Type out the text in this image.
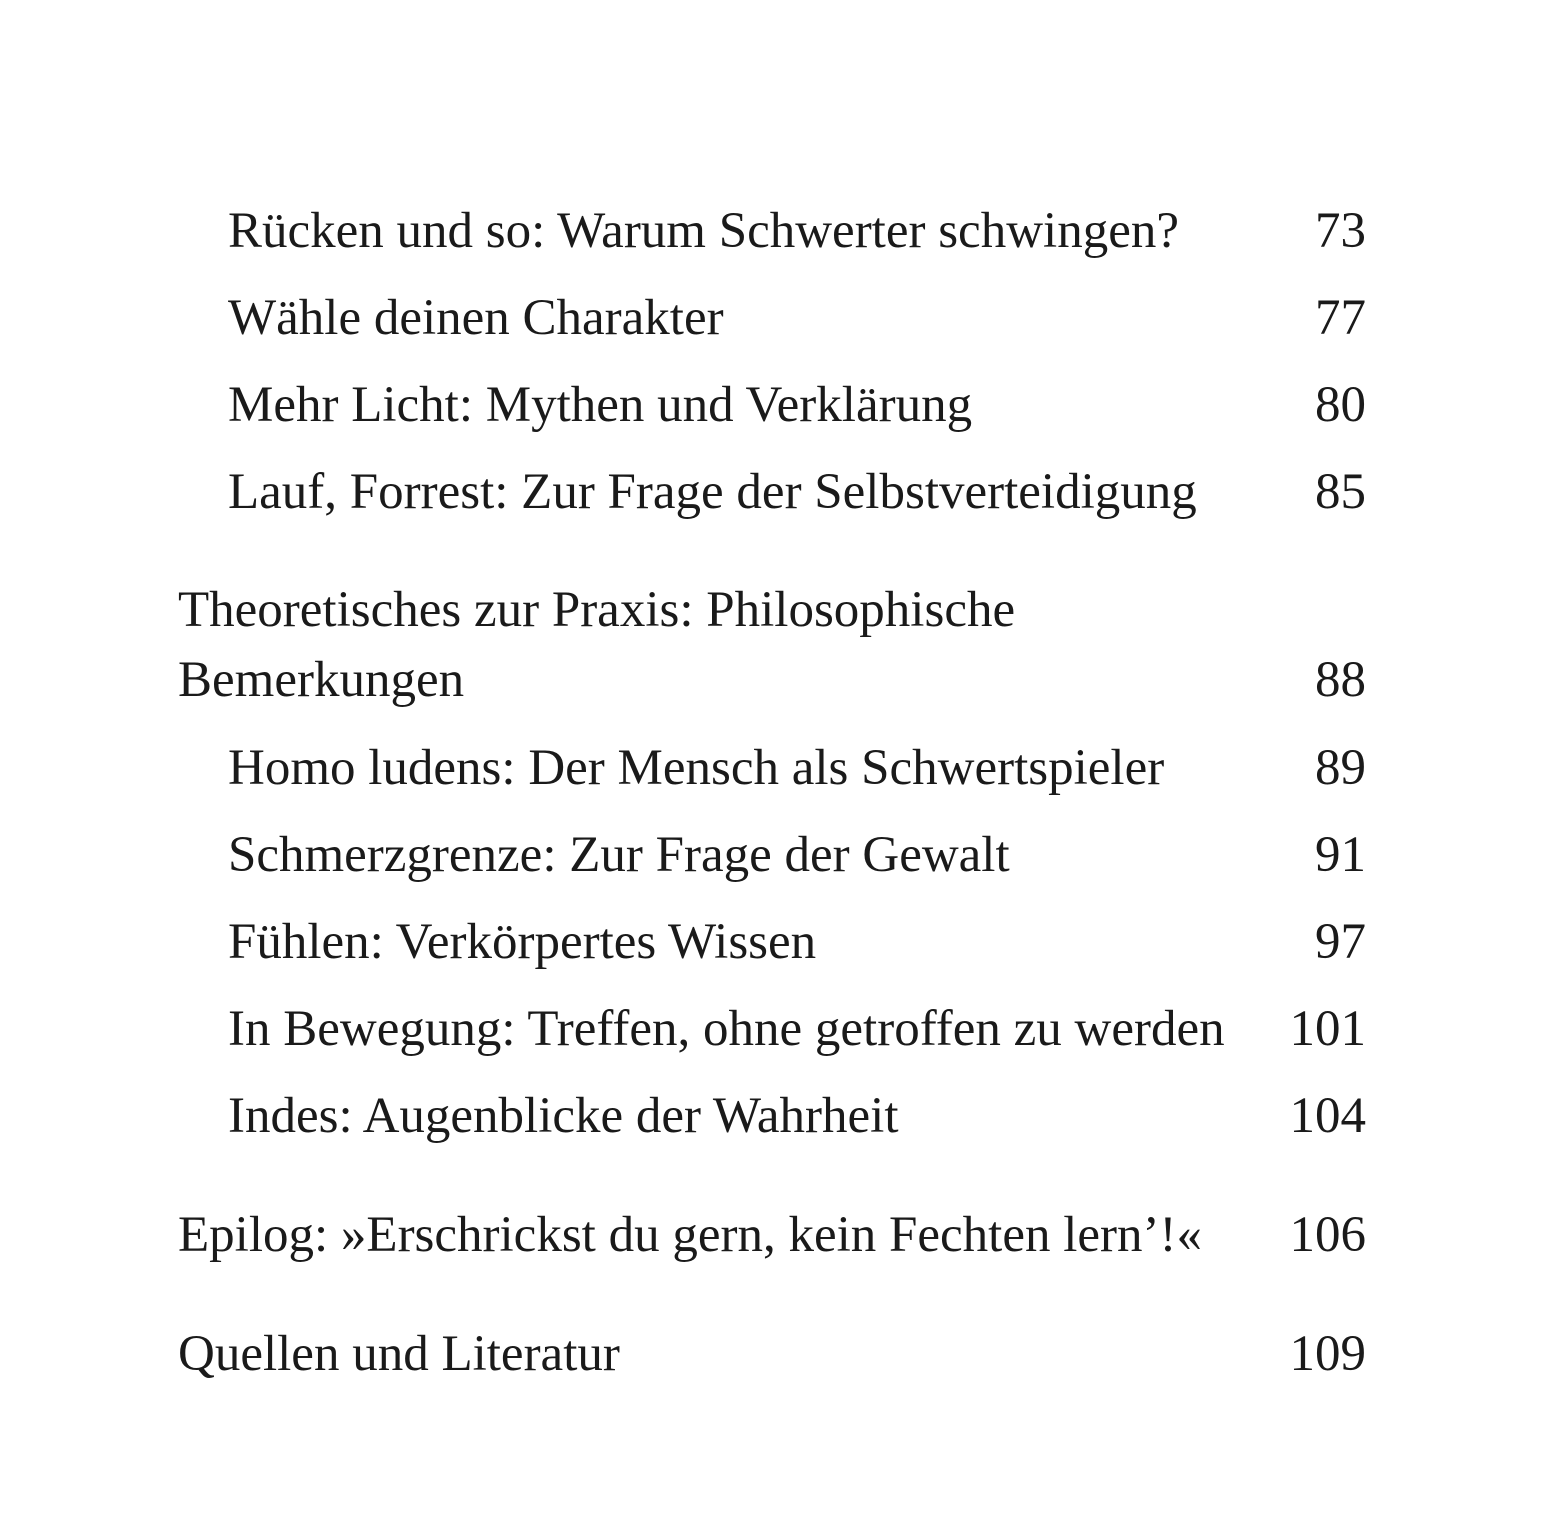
Rücken und so: Warum Schwerter schwingen?	73
Wähle deinen Charakter	77
Mehr Licht: Mythen und Verklärung	80
Lauf, Forrest: Zur Frage der Selbstverteidigung 85
Theoretisches zur Praxis: Philosophische
Bemerkungen	88
Homo ludens: Der Mensch als Schwertspieler	89
Schmerzgrenze: Zur Frage der Gewalt	91
Fühlen: Verkörpertes Wissen	97
In Bewegung: Treffen, ohne getroffen zu werden 101
Indes: Augenblicke der Wahrheit	104
Epilog: »Erschrickst du gern, kein Fechten lern’!« 106
Quellen und Literatur	109
